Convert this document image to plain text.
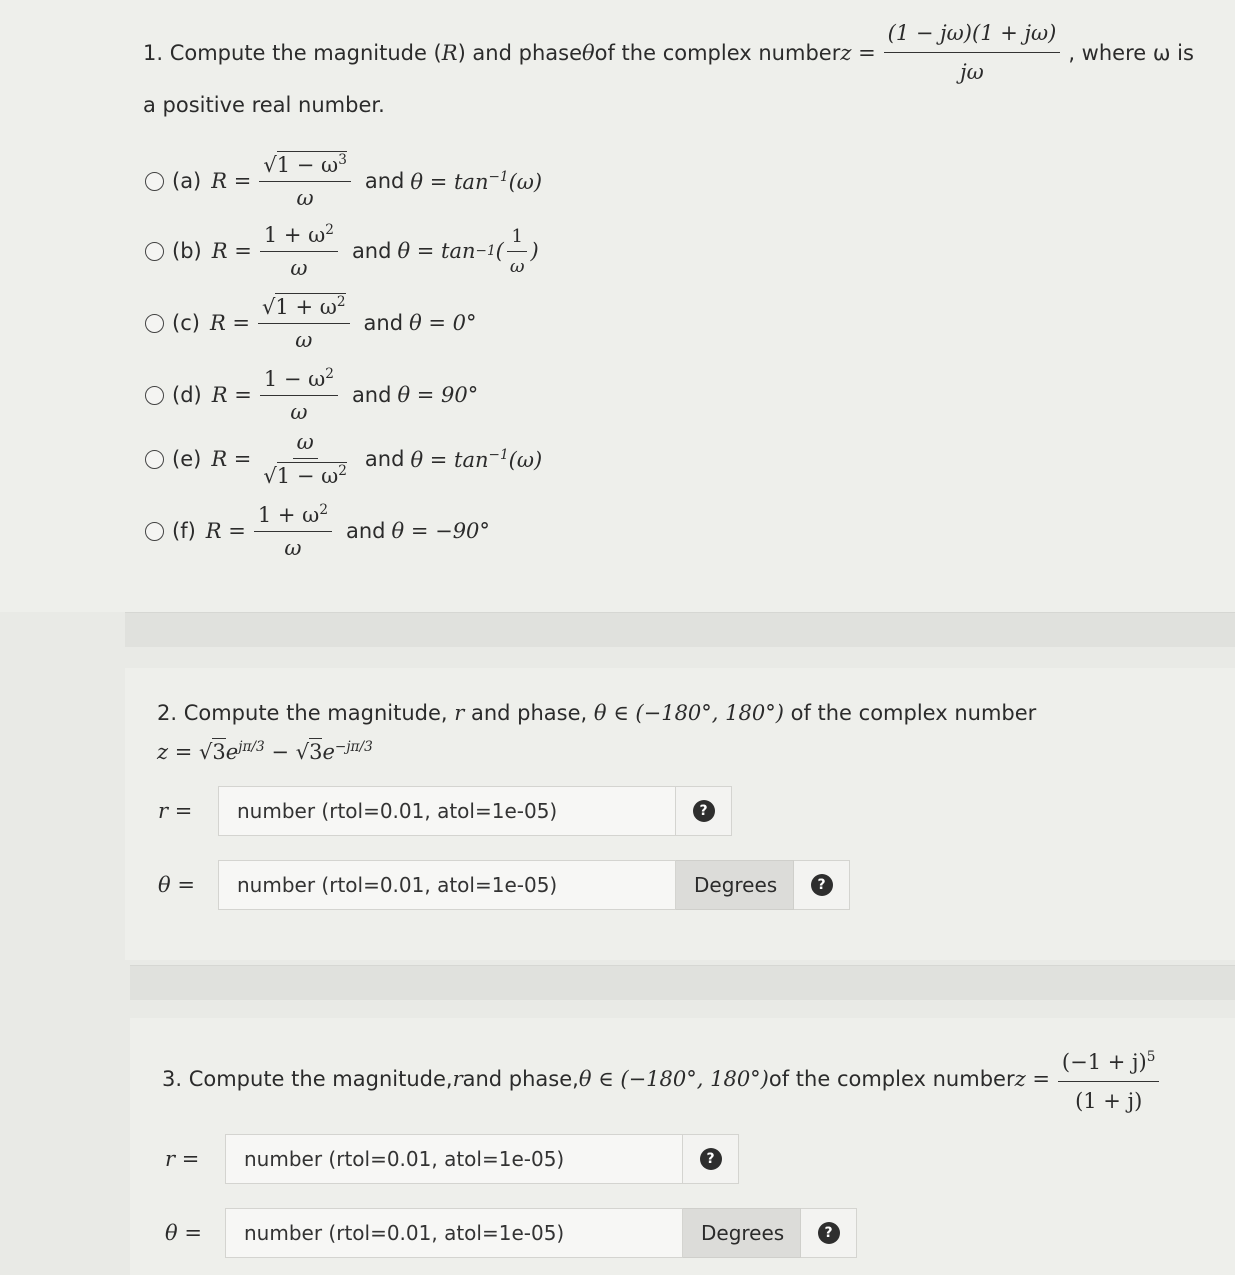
1. Compute the magnitude ( R ) and phase θ of the complex number $z = \frac{(1 - j\omega)(1 + j\omega)}{j\omega}$ , where ω is
a positive real number.
(a) $R = \frac{√1 - \omega^3}{\omega}$ and $\theta = \tan^{-1}(\omega)$
(b) $R = \frac{1 + \omega^2}{\omega}$ and θ = tan −1 ( $\frac{1}{\omega}$ )
(c) $R = \frac{√1 + \omega^2}{\omega}$ and θ = 0°
(d) $R = \frac{1 - \omega^2}{\omega}$ and θ = 90°
(e) $R = \frac{\omega}{√1 - \omega^2}$ and $\theta = \tan^{-1}(\omega)$
(f) $R = \frac{1 + \omega^2}{\omega}$ and θ = −90°
2. Compute the magnitude, r and phase, θ ∈ (−180°, 180°) of the complex number
$z = √3e^{j\pi/3} - √3e^{-j\pi/3}$
r =
number (rtol=0.01, atol=1e-05)	?
θ =
number (rtol=0.01, atol=1e-05)	Degrees	?
3. Compute the magnitude, r and phase, θ ∈ (−180°, 180°) of the complex number $z = \frac{(-1 + j)^5}{(1 + j)}$
r =
number (rtol=0.01, atol=1e-05)	?
θ =
number (rtol=0.01, atol=1e-05)	Degrees	?
